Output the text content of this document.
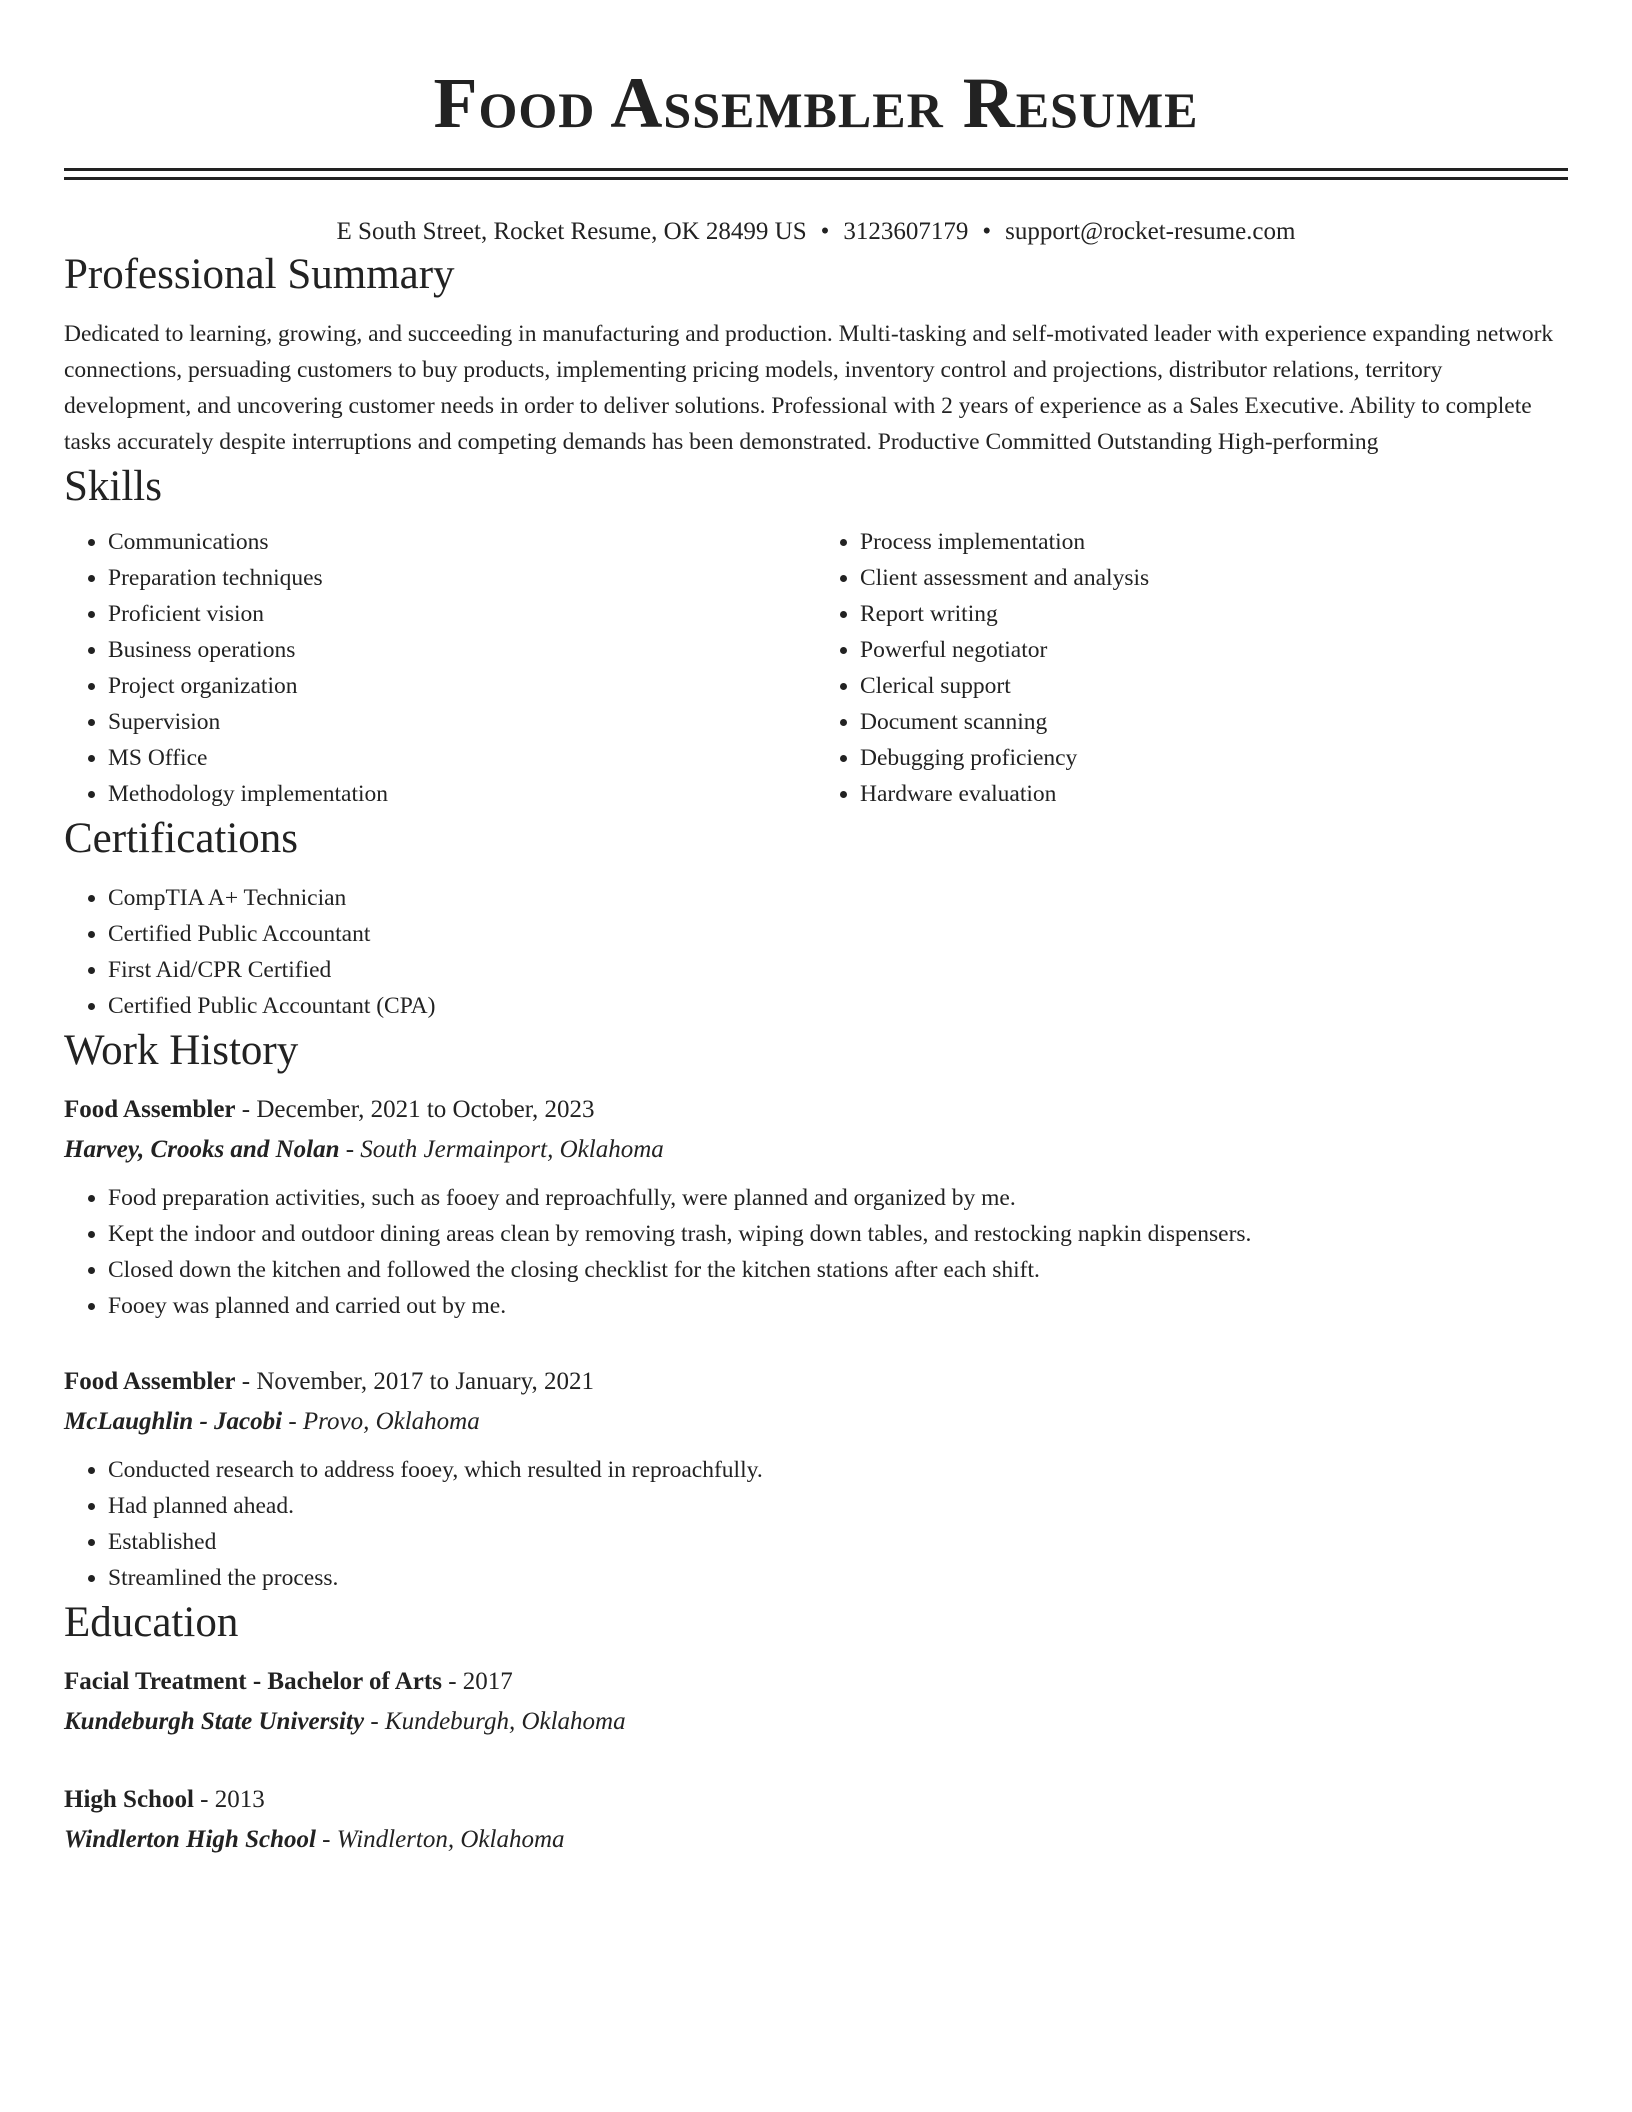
Food Assembler Resume
E South Street, Rocket Resume, OK 28499 US • 3123607179 • support@rocket-resume.com
Professional Summary

Dedicated to learning, growing, and succeeding in manufacturing and production. Multi-tasking and self-motivated leader with experience expanding network connections, persuading customers to buy products, implementing pricing models, inventory control and projections, distributor relations, territory development, and uncovering customer needs in order to deliver solutions. Professional with 2 years of experience as a Sales Executive. Ability to complete tasks accurately despite interruptions and competing demands has been demonstrated. Productive Committed Outstanding High-performing

Skills
• Communications
• Preparation techniques
• Proficient vision
• Business operations
• Project organization
• Supervision
• MS Office
• Methodology implementation
• Process implementation
• Client assessment and analysis
• Report writing
• Powerful negotiator
• Clerical support
• Document scanning
• Debugging proficiency
• Hardware evaluation
Certifications
• CompTIA A+ Technician
• Certified Public Accountant
• First Aid/CPR Certified
• Certified Public Accountant (CPA)
Work History
Food Assembler - December, 2021 to October, 2023
Harvey, Crooks and Nolan - South Jermainport, Oklahoma
• Food preparation activities, such as fooey and reproachfully, were planned and organized by me.
• Kept the indoor and outdoor dining areas clean by removing trash, wiping down tables, and restocking napkin dispensers.
• Closed down the kitchen and followed the closing checklist for the kitchen stations after each shift.
• Fooey was planned and carried out by me.
Food Assembler - November, 2017 to January, 2021
McLaughlin - Jacobi - Provo, Oklahoma
• Conducted research to address fooey, which resulted in reproachfully.
• Had planned ahead.
• Established
• Streamlined the process.
Education
Facial Treatment - Bachelor of Arts - 2017
Kundeburgh State University - Kundeburgh, Oklahoma
High School - 2013
Windlerton High School - Windlerton, Oklahoma
